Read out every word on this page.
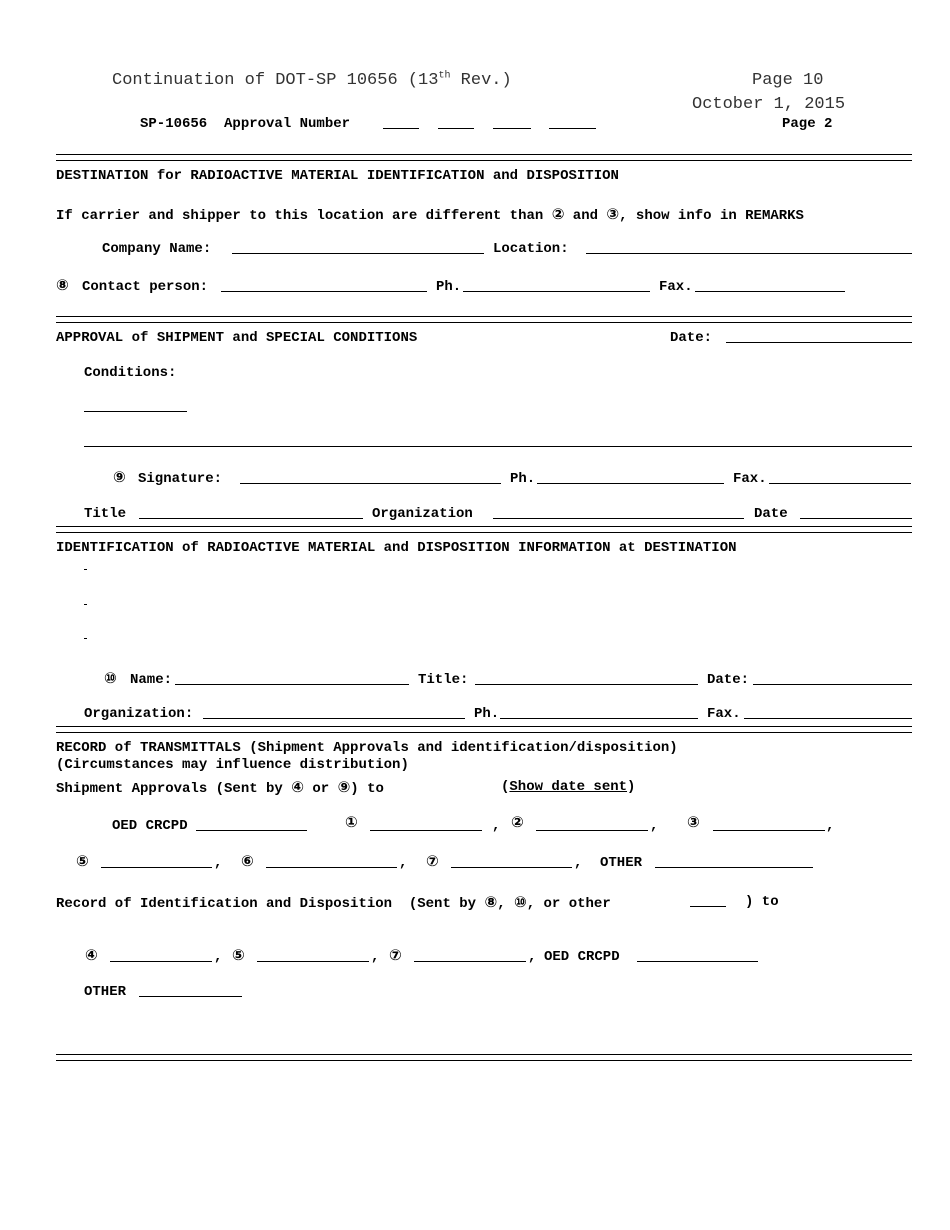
Continuation of DOT-SP 10656 (13th Rev.)	Page 10
October 1, 2015
SP-10656  Approval Number	Page 2
DESTINATION for RADIOACTIVE MATERIAL IDENTIFICATION and DISPOSITION
If carrier and shipper to this location are different than ② and ③, show info in REMARKS
Company Name:	Location:
⑧ Contact person:	Ph.	Fax.
APPROVAL of SHIPMENT and SPECIAL CONDITIONS	Date:
Conditions:
⑨ Signature:	Ph.	Fax.
Title	Organization	Date
IDENTIFICATION of RADIOACTIVE MATERIAL and DISPOSITION INFORMATION at DESTINATION
⑩ Name:	Title:	Date:
Organization:	Ph.	Fax.
RECORD of TRANSMITTALS (Shipment Approvals and identification/disposition)
(Circumstances may influence distribution)
Shipment Approvals (Sent by ④ or ⑨) to	(Show date sent)
OED CRCPD	①	, ②	, ③	,
⑤	, ⑥	, ⑦	, OTHER
Record of Identification and Disposition  (Sent by ⑧, ⑩, or other	) to
④	, ⑤	, ⑦	, OED CRCPD
OTHER
